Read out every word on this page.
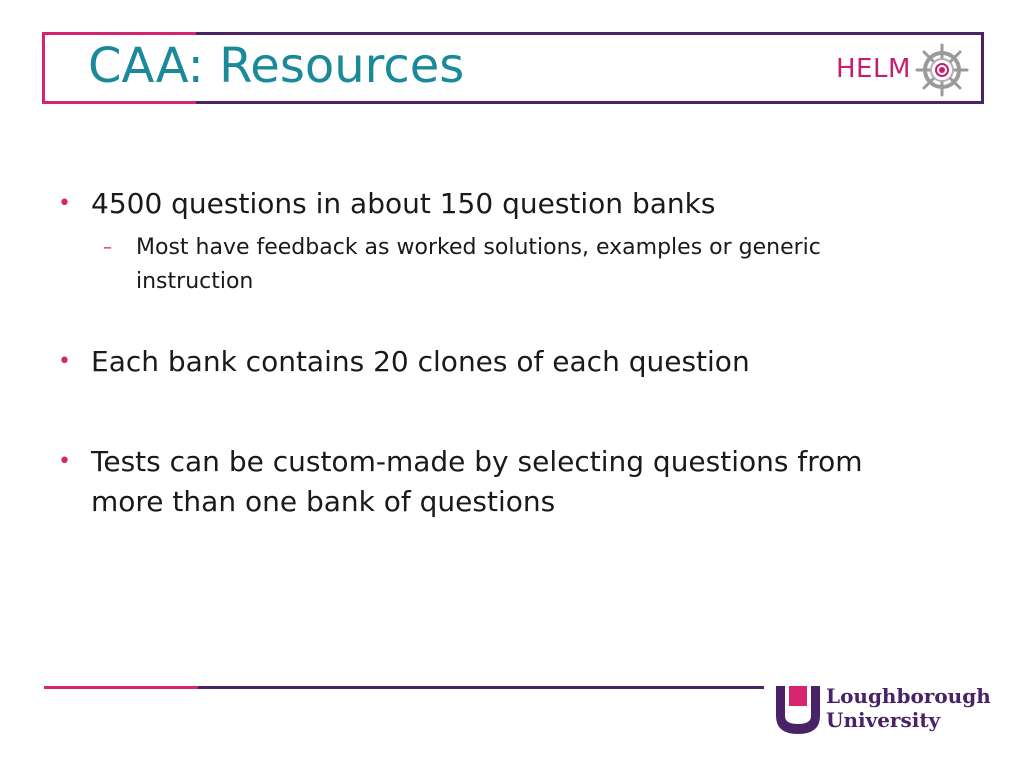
CAA: Resources	HELM
• 4500 questions in about 150 question banks
– Most have feedback as worked solutions, examples or generic
instruction
• Each bank contains 20 clones of each question
• Tests can be custom-made by selecting questions from
more than one bank of questions
Loughborough
University
